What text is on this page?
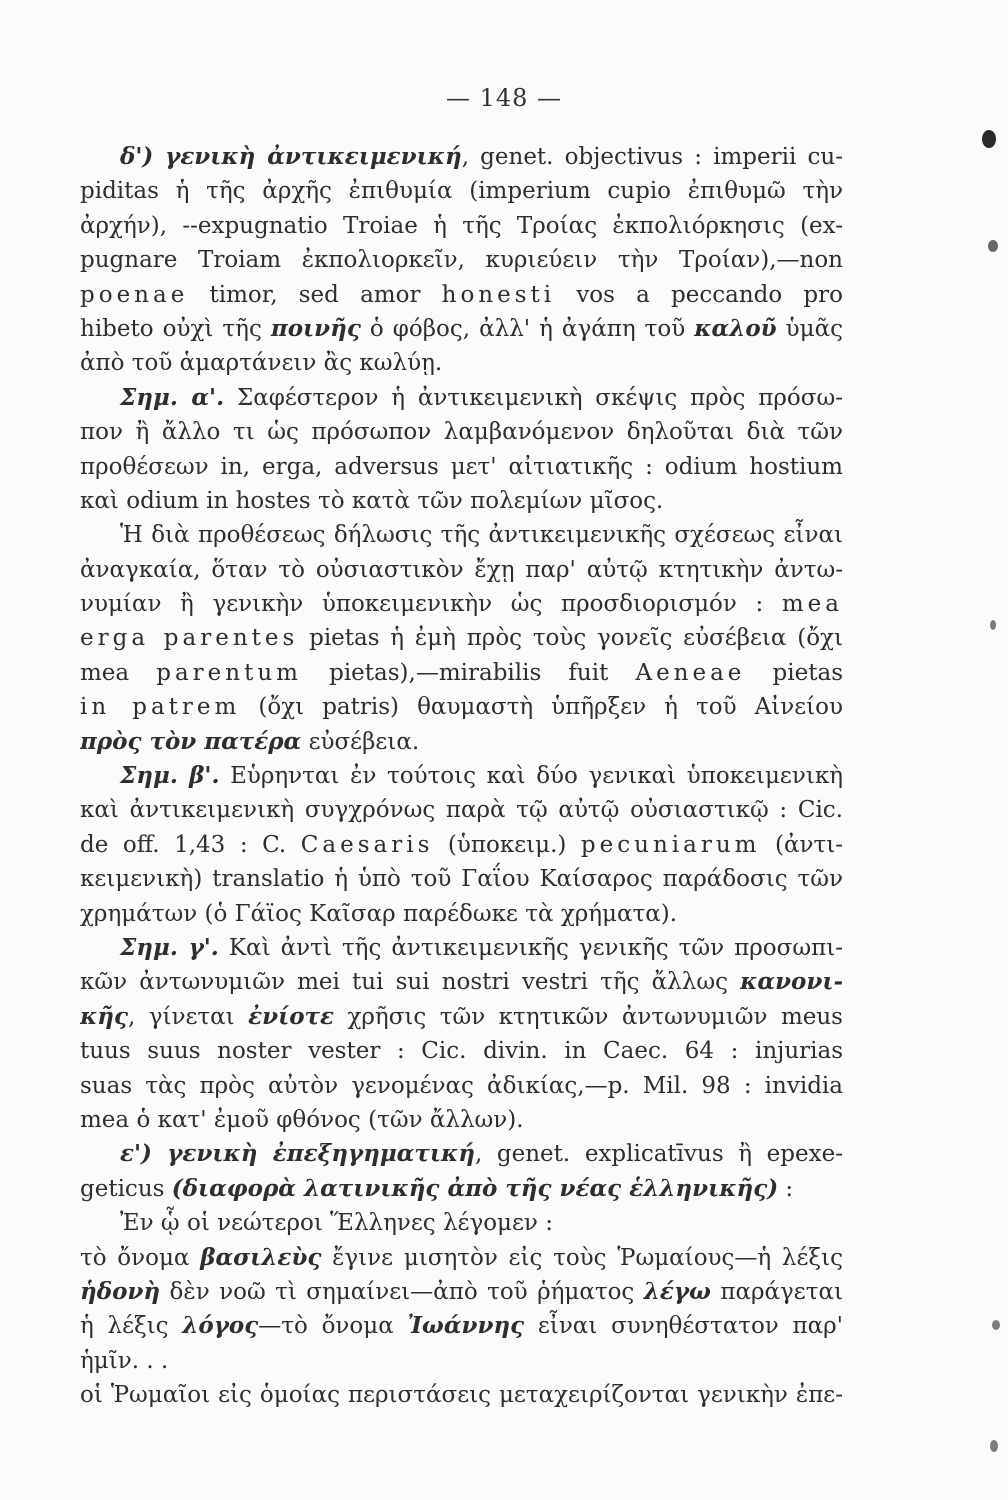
— 148 —
δ') γενικὴ ἀντικειμενική, genet. objectivus : imperii cu-
piditas ἡ τῆς ἀρχῆς ἐπιθυμία (imperium cupio ἐπιθυμῶ τὴν
ἀρχήν), --expugnatio Troiae ἡ τῆς Τροίας ἐκπολιόρκησις (ex-
pugnare Troiam ἐκπολιορκεῖν, κυριεύειν τὴν Τροίαν),—non
poenae timor, sed amor honesti vos a peccando pro
hibeto οὐχὶ τῆς ποινῆς ὁ φόβος, ἀλλ' ἡ ἀγάπη τοῦ καλοῦ ὑμᾶς
ἀπὸ τοῦ ἁμαρτάνειν ἂς κωλύῃ.
Σημ. α'. Σαφέστερον ἡ ἀντικειμενικὴ σκέψις πρὸς πρόσω-
πον ἢ ἄλλο τι ὡς πρόσωπον λαμβανόμενον δηλοῦται διὰ τῶν
προθέσεων in, erga, adversus μετ' αἰτιατικῆς : odium hostium
καὶ odium in hostes τὸ κατὰ τῶν πολεμίων μῖσος.
Ἡ διὰ προθέσεως δήλωσις τῆς ἀντικειμενικῆς σχέσεως εἶναι
ἀναγκαία, ὅταν τὸ οὐσιαστικὸν ἔχῃ παρ' αὐτῷ κτητικὴν ἀντω-
νυμίαν ἢ γενικὴν ὑποκειμενικὴν ὡς προσδιορισμόν : mea
erga parentes pietas ἡ ἐμὴ πρὸς τοὺς γονεῖς εὐσέβεια (ὄχι
mea parentum pietas),—mirabilis fuit Aeneae pietas
in patrem (ὄχι patris) θαυμαστὴ ὑπῆρξεν ἡ τοῦ Αἰνείου
πρὸς τὸν πατέρα εὐσέβεια.
Σημ. β'. Εὑρηνται ἐν τούτοις καὶ δύο γενικαὶ ὑποκειμενικὴ
καὶ ἀντικειμενικὴ συγχρόνως παρὰ τῷ αὐτῷ οὐσιαστικῷ : Cic.
de off. 1,43 : C. Caesaris (ὑποκειμ.) pecuniarum (ἀντι-
κειμενικὴ) translatio ἡ ὑπὸ τοῦ Γαΐου Καίσαρος παράδοσις τῶν
χρημάτων (ὁ Γάϊος Καῖσαρ παρέδωκε τὰ χρήματα).
Σημ. γ'. Καὶ ἀντὶ τῆς ἀντικειμενικῆς γενικῆς τῶν προσωπι-
κῶν ἀντωνυμιῶν mei tui sui nostri vestri τῆς ἄλλως κανονι-
κῆς, γίνεται ἐνίοτε χρῆσις τῶν κτητικῶν ἀντωνυμιῶν meus
tuus suus noster vester : Cic. divin. in Caec. 64 : injurias
suas τὰς πρὸς αὐτὸν γενομένας ἀδικίας,—p. Mil. 98 : invidia
mea ὁ κατ' ἐμοῦ φθόνος (τῶν ἄλλων).
ε') γενικὴ ἐπεξηγηματική, genet. explicatīvus ἢ epexe-
geticus (διαφορὰ λατινικῆς ἀπὸ τῆς νέας ἑλληνικῆς) :
Ἐν ᾧ οἱ νεώτεροι Ἕλληνες λέγομεν :
τὸ ὄνομα βασιλεὺς ἔγινε μισητὸν εἰς τοὺς Ῥωμαίους—ἡ λέξις
ἡδονὴ δὲν νοῶ τὶ σημαίνει—ἀπὸ τοῦ ῥήματος λέγω παράγεται
ἡ λέξις λόγος—τὸ ὄνομα Ἰωάννης εἶναι συνηθέστατον παρ'
ἡμῖν. . .
οἱ Ῥωμαῖοι εἰς ὁμοίας περιστάσεις μεταχειρίζονται γενικὴν ἐπε-
